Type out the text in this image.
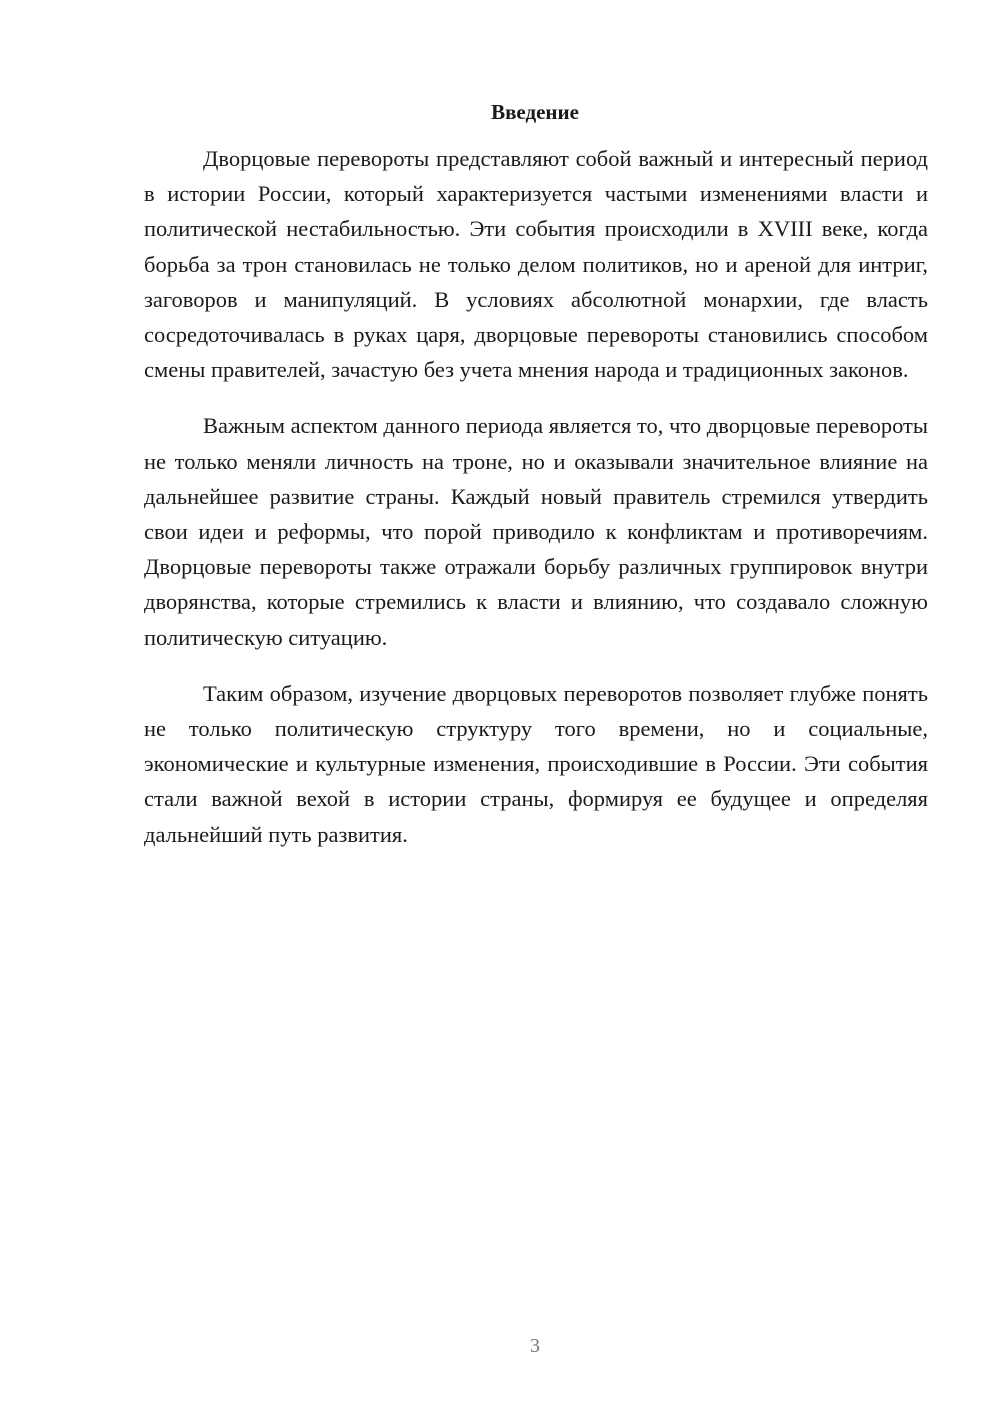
Введение

Дворцовые перевороты представляют собой важный и интересный период в истории России, который характеризуется частыми изменениями власти и политической нестабильностью. Эти события происходили в XVIII веке, когда борьба за трон становилась не только делом политиков, но и ареной для интриг, заговоров и манипуляций. В условиях абсолютной монархии, где власть сосредоточивалась в руках царя, дворцовые перевороты становились способом смены правителей, зачастую без учета мнения народа и традиционных законов.

Важным аспектом данного периода является то, что дворцовые перевороты не только меняли личность на троне, но и оказывали значительное влияние на дальнейшее развитие страны. Каждый новый правитель стремился утвердить свои идеи и реформы, что порой приводило к конфликтам и противоречиям. Дворцовые перевороты также отражали борьбу различных группировок внутри дворянства, которые стремились к власти и влиянию, что создавало сложную политическую ситуацию.

Таким образом, изучение дворцовых переворотов позволяет глубже понять не только политическую структуру того времени, но и социальные, экономические и культурные изменения, происходившие в России. Эти события стали важной вехой в истории страны, формируя ее будущее и определяя дальнейший путь развития.

3
